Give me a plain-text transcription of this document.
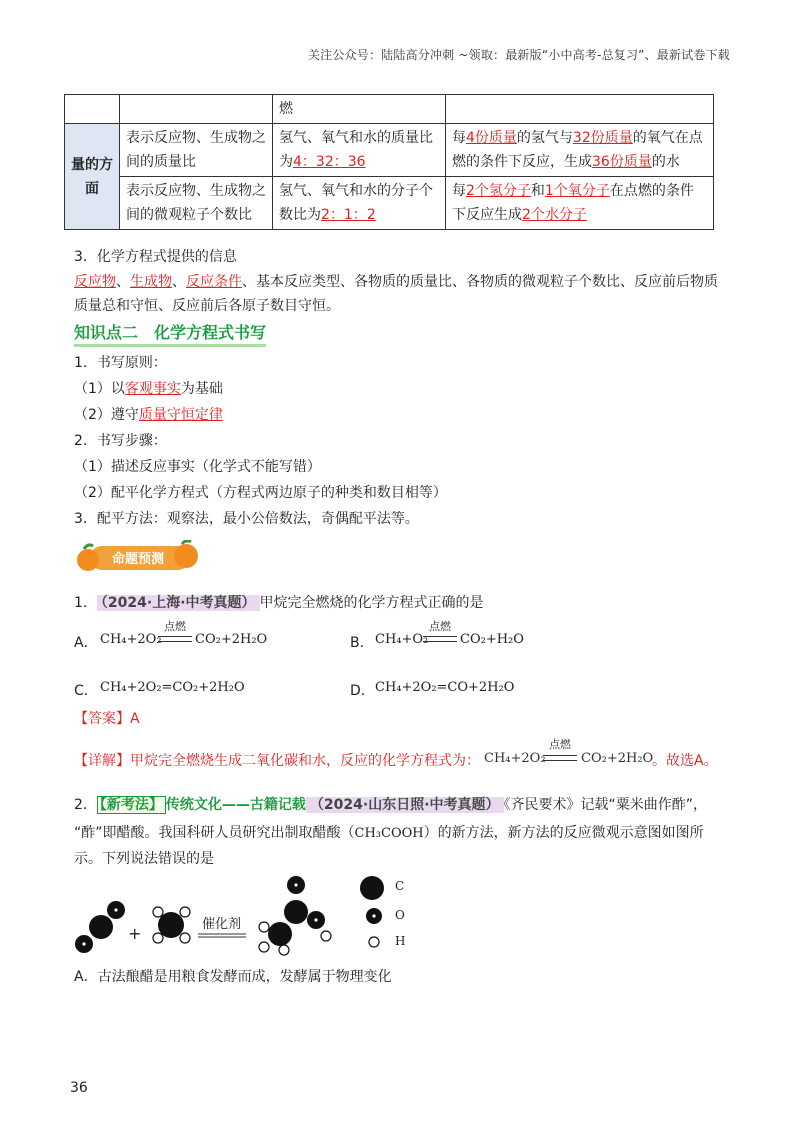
关注公众号：陆陆高分冲刺 ~领取：最新版“小中高考-总复习”、最新试卷下载
		燃	
量的方面	表示反应物、生成物之间的质量比	氢气、氧气和水的质量比为4：32：36	每4份质量的氢气与32份质量的氧气在点燃的条件下反应，生成36份质量的水
	表示反应物、生成物之间的微观粒子个数比	氢气、氧气和水的分子个数比为2：1：2	每2个氢分子和1个氧分子在点燃的条件下反应生成2个水分子
3．化学方程式提供的信息
反应物、生成物、反应条件、基本反应类型、各物质的质量比、各物质的微观粒子个数比、反应前后物质质量总和守恒、反应前后各原子数目守恒。
知识点二　化学方程式书写
1．书写原则：
（1）以客观事实为基础
（2）遵守质量守恒定律
2．书写步骤：
（1）描述反应事实（化学式不能写错）
（2）配平化学方程式（方程式两边原子的种类和数目相等）
3．配平方法：观察法，最小公倍数法，奇偶配平法等。
命题预测
1． （2024·上海·中考真题） 甲烷完全燃烧的化学方程式正确的是
A． CH₄+2O₂
点燃
CO₂+2H₂O	B． CH₄+O₂
点燃
CO₂+H₂O
C． CH₄+2O₂=CO₂+2H₂O	D． CH₄+2O₂=CO+2H₂O
【答案】A
【详解】甲烷完全燃烧生成二氧化碳和水，反应的化学方程式为： CH₄+2O₂
点燃
CO₂+2H₂O
。故选A。
2． 【新考法】 传统文化——古籍记载 （2024·山东日照·中考真题） 《齐民要术》记载“粟米曲作酢”，
“酢”即醋酸。我国科研人员研究出制取醋酸（CH₃COOH）的新方法，新方法的反应微观示意图如图所
示。下列说法错误的是
+	催化剂
C
O
H
A．古法酿醋是用粮食发酵而成，发酵属于物理变化
36
